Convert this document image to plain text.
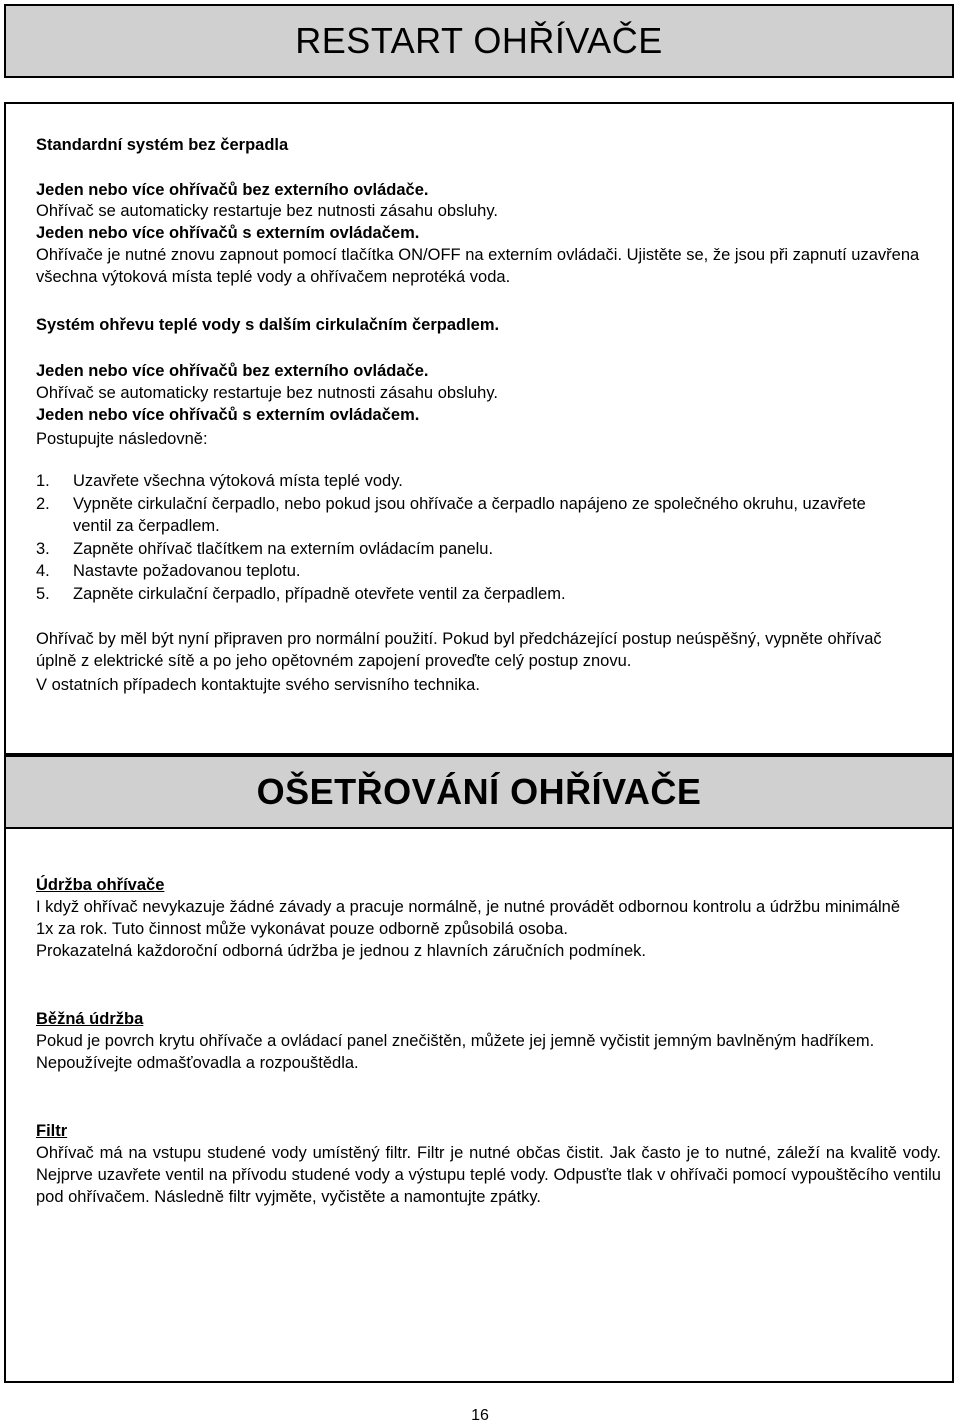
RESTART OHŘÍVAČE
Standardní systém bez čerpadla
Jeden nebo více ohřívačů bez externího ovládače.
Ohřívač se automaticky restartuje bez nutnosti zásahu obsluhy.
Jeden nebo více ohřívačů s externím ovládačem.
Ohřívače je nutné znovu zapnout pomocí tlačítka ON/OFF na externím ovládači. Ujistěte se, že jsou při zapnutí uzavřena všechna výtoková místa teplé vody a ohřívačem neprotéká voda.
Systém ohřevu teplé vody s dalším cirkulačním čerpadlem.
Jeden nebo více ohřívačů bez externího ovládače.
Ohřívač se automaticky restartuje bez nutnosti zásahu obsluhy.
Jeden nebo více ohřívačů s externím ovládačem.
Postupujte následovně:
1.	Uzavřete všechna výtoková místa teplé vody.
2.	Vypněte cirkulační čerpadlo, nebo pokud jsou ohřívače a čerpadlo napájeno ze společného okruhu, uzavřete ventil za čerpadlem.
3.	Zapněte ohřívač tlačítkem na externím ovládacím panelu.
4.	Nastavte požadovanou teplotu.
5.	Zapněte cirkulační čerpadlo, případně otevřete ventil za čerpadlem.
Ohřívač by měl být nyní připraven pro normální použití. Pokud byl předcházející postup neúspěšný, vypněte ohřívač úplně z elektrické sítě a po jeho opětovném zapojení proveďte celý postup znovu.
V ostatních případech kontaktujte svého servisního technika.
OŠETŘOVÁNÍ OHŘÍVAČE
Údržba ohřívače
I když ohřívač nevykazuje žádné závady a pracuje normálně, je nutné provádět odbornou kontrolu a údržbu minimálně 1x za rok. Tuto činnost může vykonávat pouze odborně způsobilá osoba.
Prokazatelná každoroční odborná údržba je jednou z hlavních záručních podmínek.
Běžná údržba
Pokud je povrch krytu ohřívače a ovládací panel znečištěn, můžete jej jemně vyčistit jemným bavlněným hadříkem. Nepoužívejte odmašťovadla a rozpouštědla.
Filtr
Ohřívač má na vstupu studené vody umístěný filtr. Filtr je nutné občas čistit. Jak často je to nutné, záleží na kvalitě vody. Nejprve uzavřete ventil na přívodu studené vody a výstupu teplé vody. Odpusťte tlak v ohřívači pomocí vypouštěcího ventilu pod ohřívačem. Následně filtr vyjměte, vyčistěte a namontujte zpátky.
16
